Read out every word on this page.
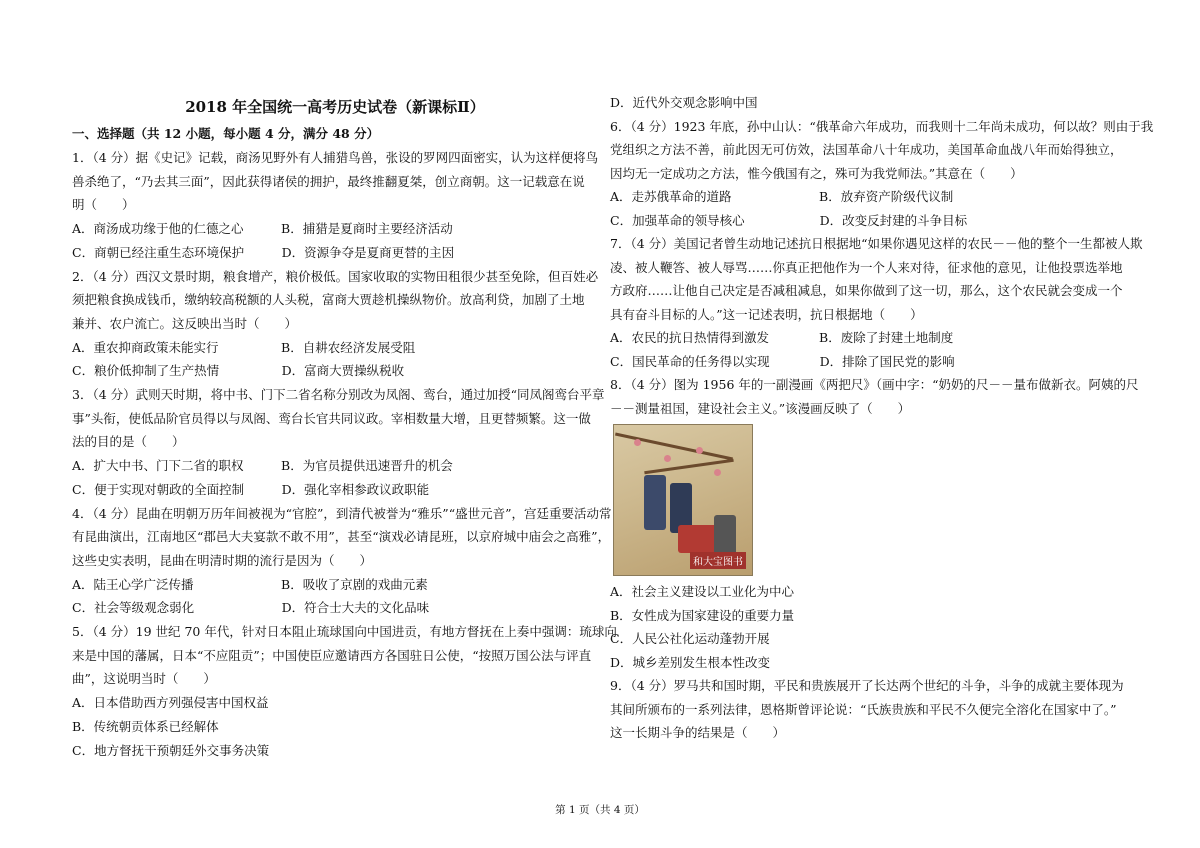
2018 年全国统一高考历史试卷（新课标Ⅱ）
一、选择题（共 12 小题，每小题 4 分，满分 48 分）
1．（4 分）据《史记》记载，商汤见野外有人捕猎鸟兽，张设的罗网四面密实，认为这样便将鸟
兽杀绝了，“乃去其三面”，因此获得诸侯的拥护，最终推翻夏桀，创立商朝。这一记载意在说
明（　　）
A．商汤成功缘于他的仁德之心　　　B．捕猎是夏商时主要经济活动
C．商朝已经注重生态环境保护　　　D．资源争夺是夏商更替的主因
2．（4 分）西汉文景时期，粮食增产，粮价极低。国家收取的实物田租很少甚至免除，但百姓必
须把粮食换成钱币，缴纳较高税额的人头税，富商大贾趁机操纵物价。放高利贷，加剧了土地
兼并、农户流亡。这反映出当时（　　）
A．重农抑商政策未能实行　　　　　B．自耕农经济发展受阻
C．粮价低抑制了生产热情　　　　　D．富商大贾操纵税收
3．（4 分）武则天时期，将中书、门下二省名称分别改为凤阁、鸾台，通过加授“同凤阁鸾台平章
事”头衔，使低品阶官员得以与凤阁、鸾台长官共同议政。宰相数量大增，且更替频繁。这一做
法的目的是（　　）
A．扩大中书、门下二省的职权　　　B．为官员提供迅速晋升的机会
C．便于实现对朝政的全面控制　　　D．强化宰相参政议政职能
4．（4 分）昆曲在明朝万历年间被视为“官腔”，到清代被誉为“雅乐”“盛世元音”，宫廷重要活动常
有昆曲演出，江南地区“郡邑大夫宴款不敢不用”，甚至“演戏必请昆班，以京府城中庙会之高雅”，
这些史实表明，昆曲在明清时期的流行是因为（　　）
A．陆王心学广泛传播　　　　　　　B．吸收了京剧的戏曲元素
C．社会等级观念弱化　　　　　　　D．符合士大夫的文化品味
5．（4 分）19 世纪 70 年代，针对日本阻止琉球国向中国进贡，有地方督抚在上奏中强调：琉球向
来是中国的藩属，日本“不应阻贡”；中国使臣应邀请西方各国驻日公使，“按照万国公法与评直
曲”，这说明当时（　　）
A．日本借助西方列强侵害中国权益
B．传统朝贡体系已经解体
C．地方督抚干预朝廷外交事务决策
D．近代外交观念影响中国
6．（4 分）1923 年底，孙中山认：“俄革命六年成功，而我则十二年尚未成功，何以故？则由于我
党组织之方法不善，前此因无可仿效，法国革命八十年成功，美国革命血战八年而始得独立，
因均无一定成功之方法，惟今俄国有之，殊可为我党师法。”其意在（　　）
A．走苏俄革命的道路　　　　　　　B．放弃资产阶级代议制
C．加强革命的领导核心　　　　　　D．改变反封建的斗争目标
7．（4 分）美国记者曾生动地记述抗日根据地“如果你遇见这样的农民－－他的整个一生都被人欺
凌、被人鞭答、被人辱骂……你真正把他作为一个人来对待，征求他的意见，让他投票选举地
方政府……让他自己决定是否减租减息，如果你做到了这一切，那么，这个农民就会变成一个
具有奋斗目标的人。”这一记述表明，抗日根据地（　　）
A．农民的抗日热情得到激发　　　　B．废除了封建土地制度
C．国民革命的任务得以实现　　　　D．排除了国民党的影响
8．（4 分）图为 1956 年的一副漫画《两把尺》（画中字：“奶奶的尺－－量布做新衣。阿姨的尺
－－测量祖国，建设社会主义。”该漫画反映了（　　）
A．社会主义建设以工业化为中心
B．女性成为国家建设的重要力量
C．人民公社化运动蓬勃开展
D．城乡差别发生根本性改变
9．（4 分）罗马共和国时期，平民和贵族展开了长达两个世纪的斗争，斗争的成就主要体现为
其间所颁布的一系列法律，恩格斯曾评论说：“氏族贵族和平民不久便完全溶化在国家中了。”
这一长期斗争的结果是（　　）
和大宝图书
第 1 页（共 4 页）
